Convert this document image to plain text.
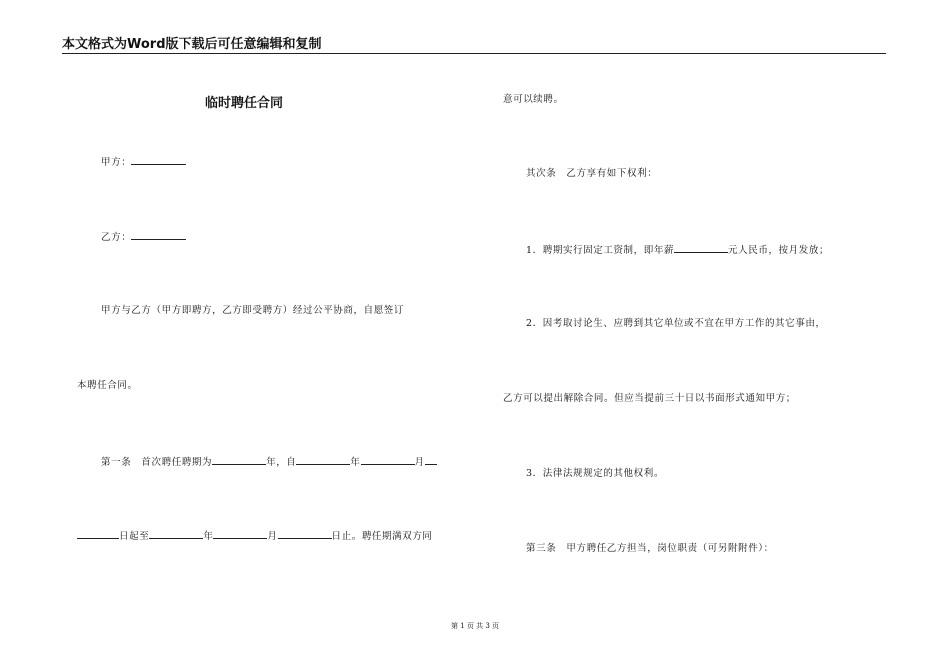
本文格式为Word版下载后可任意编辑和复制
临时聘任合同
甲方：
乙方：
甲方与乙方（甲方即聘方，乙方即受聘方）经过公平协商，自愿签订
本聘任合同。
第一条　首次聘任聘期为	年，自	年	月
日起至	年	月	日止。聘任期满双方同
意可以续聘。
其次条　乙方享有如下权利：
1．聘期实行固定工资制，即年薪	元人民币，按月发放；
2．因考取讨论生、应聘到其它单位或不宜在甲方工作的其它事由，
乙方可以提出解除合同。但应当提前三十日以书面形式通知甲方；
3．法律法规规定的其他权利。
第三条　甲方聘任乙方担当，岗位职责（可另附附件）：
第 1 页 共 3 页
